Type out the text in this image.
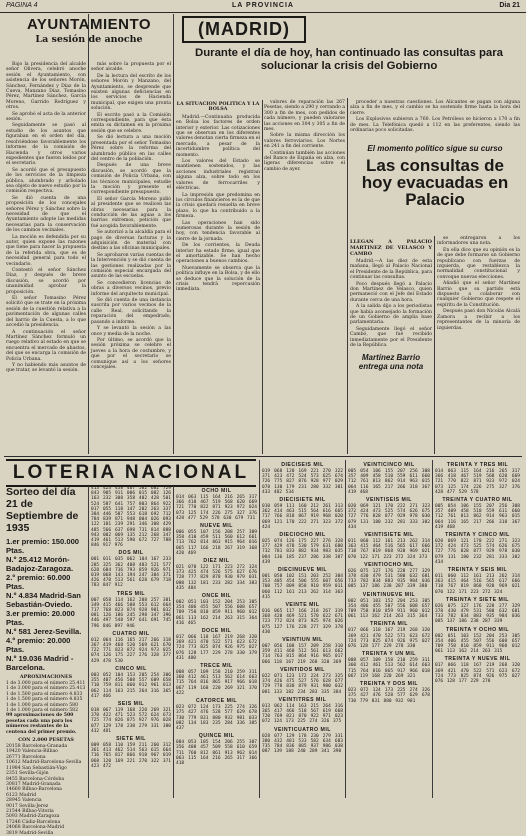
PAGINA 4	LA PROVINCIA	Dia 21
AYUNTAMIENTO
La sesión de anoche

Bajo la presidencia del alcalde señor Olivera, celebró anoche sesión el Ayuntamiento, con asistencia de los señores Morón, Sánchez, Fernández y Díaz de la Cueva, Manzano Díaz, Tomasino Pérez, Martínez Sánchez, García Moreno, Garrido Rodríguez y otros.

Se aprobó el acta de la anterior sesión.

Seguidamente se pasó al estudio de los asuntos que figuraban en el orden del día, resolviéndose favorablemente los informes de la comisión de Hacienda y otros varios expedientes que fueron leídos por el secretario.

Se acordó que el presupuesto de los servicios de la limpieza pública, alumbrado y arbolado sea objeto de nuevo estudio por la comisión respectiva.

Se dió cuenta de una proposición de los concejales señores Pérez y Sánchez sobre la necesidad de que el Ayuntamiento adopte las medidas necesarias para la conservación de los caminos vecinales.

La moción es defendida por su autor, quien expone las razones que tiene para hacer la propuesta de la referida obra, que es de necesidad general para todo el vecindario.

Contestó el señor Sánchez Díaz, y después de breve discusión, se acordó por unanimidad aprobar la proposición.

El señor Tomasino Pérez solicitó que se trate en la próxima sesión de la cuestión relativa a la pavimentación de algunas calles del barrio de la Cuesta, a lo que accedió la presidencia.

A continuación el señor Martínez Sánchez formuló un ruego relativo al estado en que se encuentra el mercado de abastos, del que se encarga la comisión de Policía Urbana.

Y no habiendo más asuntos de que tratar, se levantó la sesión.

más sobre la propuesta por el señor alcalde.

De la lectura del escrito de los señores Morón y Manzano, del Ayuntamiento, se desprende que existen algunas deficiencias en los servicios de Hacienda municipal, que exigen una pronta solución.

El escrito pasó a la Comisión correspondiente, para que ésta emita su dictamen en la próxima sesión que se celebre.

Se dió lectura a una moción presentada por el señor Tomasino Pérez sobre la reforma del alumbrado público en las calles del centro de la población.

Después de una breve discusión, se acordó que la comisión de Policía Urbana, con los técnicos municipales, estudie la moción y presente el correspondiente presupuesto.

El señor García Moreno pidió al presidente que se realicen las obras necesarias para la conducción de las aguas a los barrios extremos, petición que fué acogida favorablemente.

Se autorizó a la alcaldía para el pago de diversas facturas y la adquisición de material con destino a las oficinas municipales.

Se aprobaron varias cuentas de la Intervención y se dió cuenta de las gestiones realizadas por la comisión especial encargada del asunto de las escuelas.

Se concedieron licencias de obras a diversos vecinos, previo informe del arquitecto municipal.

Se dió cuenta de una instancia suscrita por varios vecinos de la calle Real, solicitando la reparación del empedrado, pasando a informe.

Y se levantó la sesión a las once y media de la noche.

Por último, se acordó que la sesión próxima se celebre el jueves a la hora de costumbre, y que por el secretario se comunique así a los señores concejales.

(MADRID)
Durante el día de hoy, han continuado las consultas para solucionar la crisis del Gobierno
LA SITUACION POLITICA Y LA BOLSA

Madrid.—Continuaba producida en Bolsa los factores de orden interior y exterior. Las cotizaciones que se observan en los diferentes valores denotan cierta firmeza en el mercado, a pesar de la incertidumbre política del momento.

Los valores del Estado se mantienen sostenidos, y las acciones industriales registran alguna alza, sobre todo en los valores de ferrocarriles y eléctricas.

La impresión que predomina en los círculos financieros es la de que la crisis quedará resuelta en breve plazo, lo que ha contribuido a la firmeza.

Las operaciones han sido numerosas durante la sesión de hoy, con tendencia favorable al cierre de la jornada.

De los corrientes, la Deuda interior ha estado firme, igual que el amortizable. Se han hecho operaciones a buenos cambios.

Nuevamente se observa que la política influye en la Bolsa, y de ello se deduce que la solución de la crisis tendrá repercusión inmediata.

valores de reparación las 267 Pesetas, siendo a 290 y cerrando a 300 a fin de mes, con pedidos de cada número, y pueden valorarse las acciones en 304 y 305 a fin de mes.

Sobre la misma dirección los valores ferroviarios. Los Nortes en 241 a fin del corriente.

Continúan también las acciones del Banco de España en alza, con ligeras diferencias sobre el cambio de ayer.

proceder a nuestras cuestiones. Los Alicantes se pagan con alguna alza a fin de mes, y el cambio se ha sostenido firme hasta la hora del cierre.

Los Explosivos subieron a 760. Los Petróleos se hicieron a 170 a fin de mes. La Telefónica quedó a 112 en las preferentes, siendo las ordinarias poco solicitadas.

El momento político sigue su curso
Las consultas de hoy evacuadas en Palacio
LLEGAN A PALACIO MARTINEZ DE VELASCO Y CAMBO

Madrid.—A las diez de esta mañana, llegó al Palacio Nacional el Presidente de la República, para continuar las consultas.

Poco después llegó a Palacio don Martínez de Velasco, quien permaneció con el Jefe del Estado durante cerca de una hora.

A la salida dijo a los periodistas que había aconsejado la formación de un Gobierno de amplia base parlamentaria.

Seguidamente llegó el señor Cambó, que fué recibido inmediatamente por el Presidente de la República.

Martínez Barrio entrega una nota

se entregaron a los informadores una nota.

En ella dice que su opinión es la de que debe formarse un Gobierno republicano con fuerzas de izquierda, que restablezca la normalidad constitucional y convoque nuevas elecciones.

Añadió que el señor Martínez Barrio que su partido está dispuesto a colaborar con cualquier Gobierno que respete el espíritu de la Constitución.

Después pasó don Nicolás Alcalá Zamora a recibir a los representantes de la minoría de izquierdas.

LOTERIA NACIONAL
Sorteo del día 21 de Septiembre de 1935
1.er premio: 150.000 Ptas.
N.º 25.412 Morón-Badajoz-Zaragoza.
2.º premio: 60.000 Ptas.
N.º 4.834 Madrid-San Sebastián-Oviedo.
3.er premio: 20.000 Ptas.
N.º 581 Jerez-Sevilla.
4.º premio: 20.000 Ptas.
N.º 19.036 Madrid - Barcelona.
APROXIMACIONES
1 de 3.000 para el número 25.411
1 de 3.000 para el número 25.413
1 de 1.500 para el número 4.833
1 de 1.500 para el número 4.835
1 de 1.000 para el número 580
1 de 1.000 para el número 582
99 aproximaciones de 500 pesetas cada una para los números restantes de la centena del primer premio.
CON 2.000 PESETAS
20158 Barcelona-Granada
19420 Valencia-Bilbao
26771 Barcelona
10612 Madrid-Barcelona-Sevilla
11984 San Sebastián-Vigo
2351 Sevilla-Gijón
8455 Barcelona-Córdoba
30817 Madrid-Granada
14660 Bilbao-Barcelona
6123 Madrid
28945 Valencia
9017 Sevilla-Jerez
21544 Bilbao-Vitoria
5093 Madrid-Zaragoza
17246 Cádiz-Barcelona
24068 Barcelona-Madrid
3819 Madrid-Sevilla

413 423 458 467 582 682 729 843 905 911 006 015 082 126 163 232 308 358 402 428 501 524 587 641 757 803 864 922 017 055 118 147 202 263 337 384 446 507 553 618 692 712 784 839 871 948 004 026 093 122 181 239 291 346 388 429 485 566 637 698 731 814 888 943 002 069 135 212 268 347 419 461 513 590 672 727 788 846 917 976

DOS MIL

001 011 035 062 104 167 233 285 325 362 408 483 521 577 628 684 736 793 859 926 971 019 068 143 194 247 304 371 426 478 513 561 628 679 718 783 847 912

TRES MIL

007 058 114 162 208 257 301 349 415 466 508 553 612 664 717 768 823 874 928 981 032 081 126 186 245 298 347 396 446 497 548 597 641 691 745 796 846 897 946

CUATRO MIL

012 064 116 165 217 266 318 367 419 468 520 569 621 670 722 771 823 872 924 973 025 074 126 175 227 276 328 377 429 478 530

CINCO MIL

003 052 104 153 205 254 306 355 407 456 508 557 609 658 710 759 811 860 912 961 013 062 114 163 215 264 316 365 417 466

SEIS MIL

018 067 119 168 220 269 321 370 422 471 523 572 624 673 725 774 826 875 927 976 028 077 129 178 230 279 331 380 432 481

SIETE MIL

009 058 110 159 211 260 312 361 413 462 514 563 615 664 716 765 817 866 918 967 019 068 120 169 221 270 322 371 423 472

OCHO MIL

014 063 115 164 216 265 317 366 418 467 519 568 620 669 721 770 822 871 923 972 024 073 125 174 226 275 327 376 428 477 529 578 630 679 731

NUEVE MIL

006 055 107 156 208 257 309 358 410 459 511 560 612 661 713 762 814 863 915 964 016 065 117 166 218 267 319 368 420 469

DIEZ MIL

021 070 122 171 223 272 324 373 425 474 526 575 627 676 728 777 829 878 930 979 031 080 132 181 233 282 334 383 435 484

ONCE MIL

002 051 103 152 204 253 305 354 406 455 507 556 608 657 709 758 810 859 911 960 012 061 113 162 214 263 315 364 416 465

DOCE MIL

017 066 118 167 219 268 320 369 421 470 522 571 623 672 724 773 825 874 926 975 027 076 128 177 229 278 330 379 431 480

TRECE MIL

008 057 109 158 210 259 311 360 412 461 513 562 614 663 715 764 816 865 917 966 018 067 119 168 220 269 321 370 422

CATORCE MIL

023 072 124 173 225 274 326 375 427 476 528 577 629 678 730 779 831 880 932 981 033 082 134 183 235 284 336 385 437

QUINCE MIL

004 053 105 154 206 255 307 356 408 457 509 558 610 659 711 760 812 861 913 962 014 063 115 164 216 265 317 366 418

DIECISEIS MIL

019 068 120 169 221 270 322 371 423 472 524 573 625 674 726 775 827 876 928 977 029 078 130 179 231 280 332 381 433 482 534

DIECISIETE MIL

010 059 111 160 212 261 313 362 414 463 515 564 616 665 717 766 818 867 919 968 020 069 121 170 222 271 323 372 424

DIECIOCHO MIL

025 074 126 175 227 276 328 377 429 478 530 579 631 680 732 781 833 882 934 983 035 084 136 185 237 286 338 387 439

DIECINUEVE MIL

001 050 102 151 203 252 304 353 405 454 506 555 607 656 708 757 809 858 910 959 011 060 112 161 213 262 314 363 415

VEINTE MIL

016 065 117 166 218 267 319 368 420 469 521 570 622 671 723 772 824 873 925 974 026 075 127 176 228 277 329 378 430

VEINTIUN MIL

007 056 108 157 209 258 310 359 411 460 512 561 613 662 714 763 815 864 916 965 017 066 118 167 219 268 320 369

VEINTIDOS MIL

022 071 123 172 224 273 325 374 426 475 527 576 628 677 729 778 830 879 931 980 032 081 133 182 234 283 335 384

VEINTITRES MIL

013 062 114 163 215 264 316 365 417 466 518 567 619 668 720 769 821 870 922 971 023 072 124 173 225 274 326 375

VEINTICUATRO MIL

028 077 129 178 230 279 331 380 432 481 533 582 634 683 735 784 836 885 937 986 038 087 139 188 240 289 341 390

VEINTICINCO MIL

005 054 106 155 207 256 308 357 409 458 510 559 611 660 712 761 813 862 914 963 015 064 116 165 217 266 318 367 419 468

VEINTISEIS MIL

020 069 121 170 222 271 323 372 424 473 525 574 626 675 727 776 828 877 929 978 030 079 131 180 232 281 333 382 434

VEINTISIETE MIL

011 060 112 161 213 262 314 363 415 464 516 565 617 666 718 767 819 868 920 969 021 070 122 171 223 272 324 373

VEINTIOCHO MIL

026 075 127 176 228 277 329 378 430 479 531 580 632 681 733 782 834 883 935 984 036 085 137 186 238 287 339 388

VEINTINUEVE MIL

002 051 103 152 204 253 305 354 406 455 507 556 608 657 709 758 810 859 911 960 012 061 113 162 214 263 315 364

TREINTA MIL

017 066 118 167 219 268 320 369 421 470 522 571 623 672 724 773 825 874 926 975 027 076 128 177 229 278 330

TREINTA Y UN MIL

008 057 109 158 210 259 311 360 412 461 513 562 614 663 715 764 816 865 917 966 018 067 119 168 220 269 321

TREINTA Y DOS MIL

023 072 124 173 225 274 326 375 427 476 528 577 629 678 730 779 831 880 932 981

TREINTA Y TRES MIL

014 063 115 164 216 265 317 366 418 467 519 568 620 669 721 770 822 871 923 972 024 073 125 174 226 275 327 376 428 477 529 578

TREINTA Y CUATRO MIL

005 054 106 155 207 256 308 357 409 458 510 559 611 660 712 761 813 862 914 963 015 064 116 165 217 266 318 367 419 468

TREINTA Y CINCO MIL

020 069 121 170 222 271 323 372 424 473 525 574 626 675 727 776 828 877 929 978 030 079 131 180 232 281 333 382 434

TREINTA Y SEIS MIL

011 060 112 161 213 262 314 363 415 464 516 565 617 666 718 767 819 868 920 969 021 070 122 171 223 272 324

TREINTA Y SIETE MIL

026 075 127 176 228 277 329 378 430 479 531 580 632 681 733 782 834 883 935 984 036 085 137 186 238 287 339

TREINTA Y OCHO MIL

002 051 103 152 204 253 305 354 406 455 507 556 608 657 709 758 810 859 911 960 012 061 113 162 214 263 315

TREINTA Y NUEVE MIL

017 066 118 167 219 268 320 369 421 470 522 571 623 672 724 773 825 874 926 975 027 076 128 177 229 278
